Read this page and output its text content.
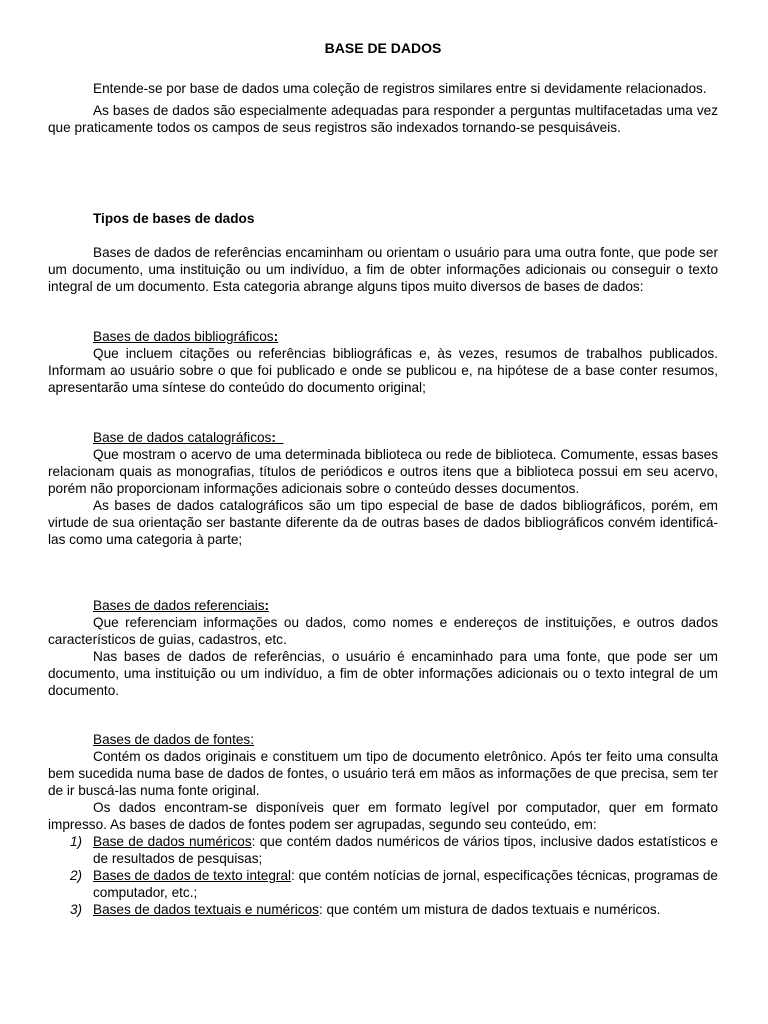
BASE DE DADOS

Entende-se por base de dados uma coleção de registros similares entre si devidamente relacionados.

As bases de dados são especialmente adequadas para responder a perguntas multifacetadas uma vez que praticamente todos os campos de seus registros são indexados tornando-se pesquisáveis.

Tipos de bases de dados

Bases de dados de referências encaminham ou orientam o usuário para uma outra fonte, que pode ser um documento, uma instituição ou um indivíduo, a fim de obter informações adicionais ou conseguir o texto integral de um documento. Esta categoria abrange alguns tipos muito diversos de bases de dados:

Bases de dados bibliográficos:

Que incluem citações ou referências bibliográficas e, às vezes, resumos de trabalhos publicados. Informam ao usuário sobre o que foi publicado e onde se publicou e, na hipótese de a base conter resumos, apresentarão uma síntese do conteúdo do documento original;

Base de dados catalográficos:

Que mostram o acervo de uma determinada biblioteca ou rede de biblioteca. Comumente, essas bases relacionam quais as monografias, títulos de periódicos e outros itens que a biblioteca possui em seu acervo, porém não proporcionam informações adicionais sobre o conteúdo desses documentos.

As bases de dados catalográficos são um tipo especial de base de dados bibliográficos, porém, em virtude de sua orientação ser bastante diferente da de outras bases de dados bibliográficos convém identificá-las como uma categoria à parte;

Bases de dados referenciais:

Que referenciam informações ou dados, como nomes e endereços de instituições, e outros dados característicos de guias, cadastros, etc.

Nas bases de dados de referências, o usuário é encaminhado para uma fonte, que pode ser um documento, uma instituição ou um indivíduo, a fim de obter informações adicionais ou o texto integral de um documento.

Bases de dados de fontes:

Contém os dados originais e constituem um tipo de documento eletrônico. Após ter feito uma consulta bem sucedida numa base de dados de fontes, o usuário terá em mãos as informações de que precisa, sem ter de ir buscá-las numa fonte original.

Os dados encontram-se disponíveis quer em formato legível por computador, quer em formato impresso. As bases de dados de fontes podem ser agrupadas, segundo seu conteúdo, em:

1) Base de dados numéricos: que contém dados numéricos de vários tipos, inclusive dados estatísticos e de resultados de pesquisas;
2) Bases de dados de texto integral: que contém notícias de jornal, especificações técnicas, programas de computador, etc.;
3) Bases de dados textuais e numéricos: que contém um mistura de dados textuais e numéricos.
